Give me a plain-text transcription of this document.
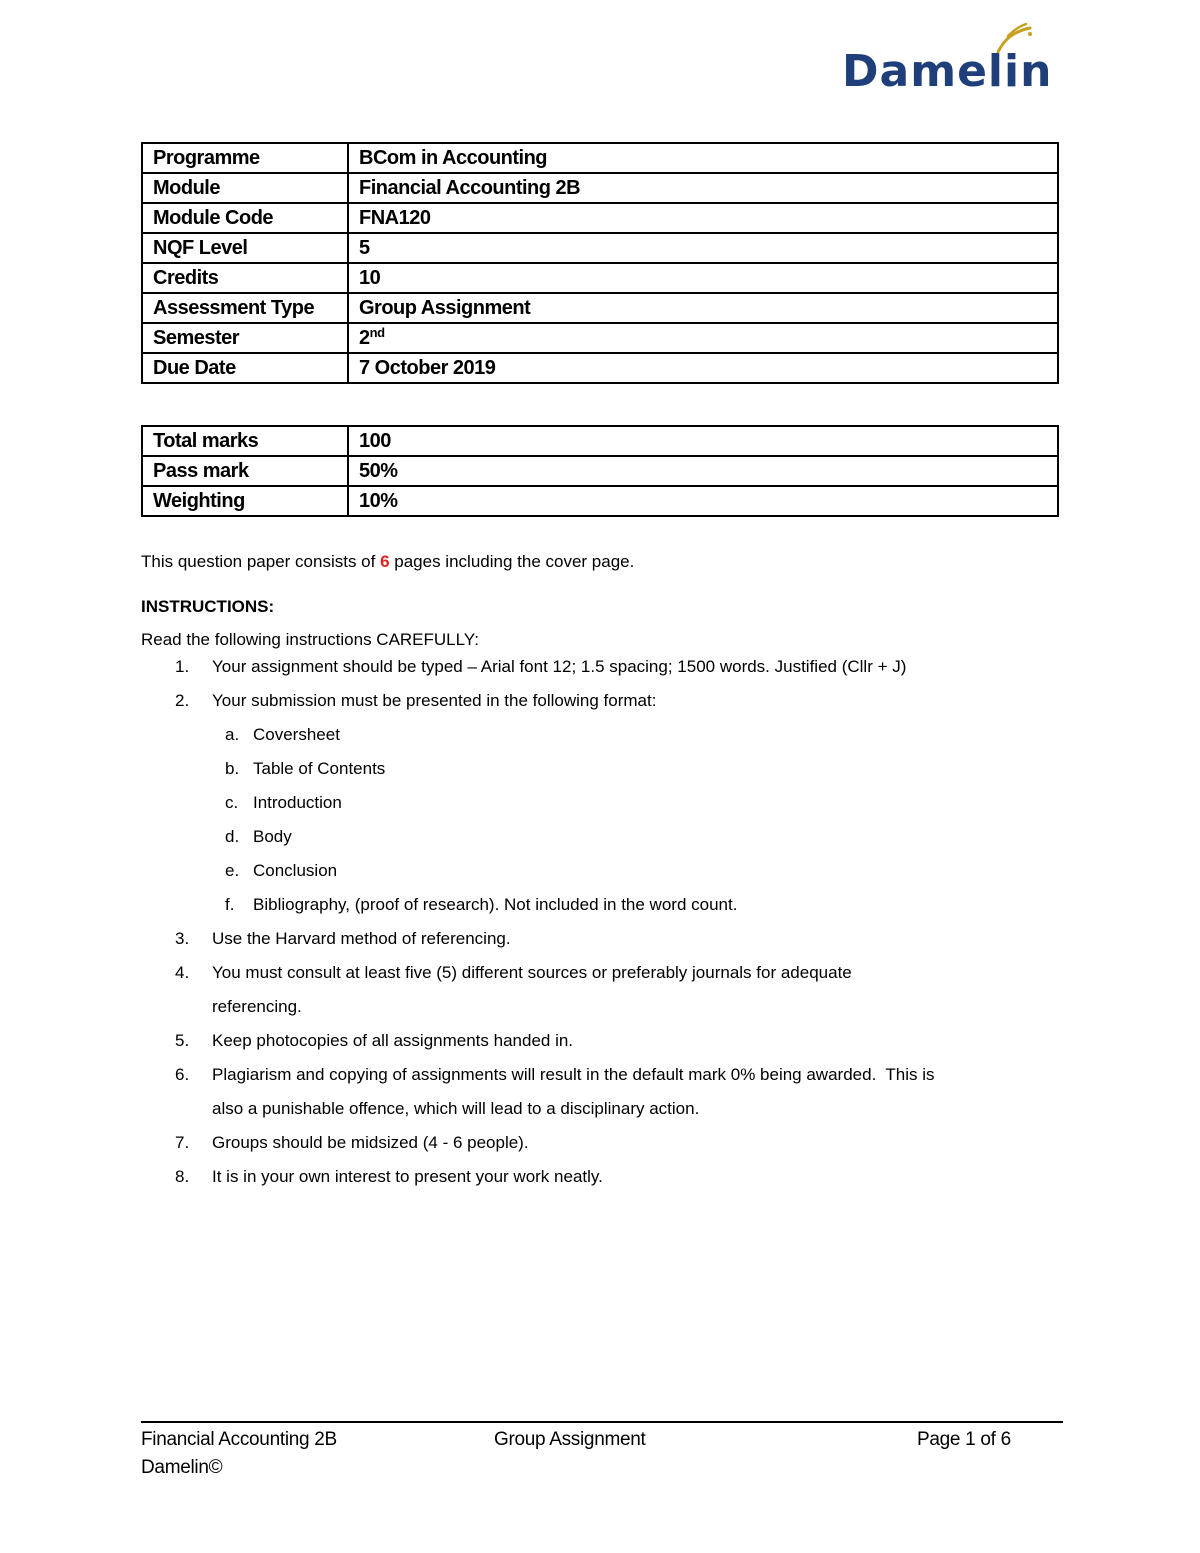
Damelin
Programme	BCom in Accounting
Module	Financial Accounting 2B
Module Code	FNA120
NQF Level	5
Credits	10
Assessment Type	Group Assignment
Semester	2nd
Due Date	7 October 2019
Total marks	100
Pass mark	50%
Weighting	10%
This question paper consists of 6 pages including the cover page.
INSTRUCTIONS:
Read the following instructions CAREFULLY:
1.	Your assignment should be typed – Arial font 12; 1.5 spacing; 1500 words. Justified (Cllr + J)
2.	Your submission must be presented in the following format:
a. Coversheet
b. Table of Contents
c. Introduction
d. Body
e. Conclusion
f.	Bibliography, (proof of research). Not included in the word count.
3.	Use the Harvard method of referencing.
4.	You must consult at least five (5) different sources or preferably journals for adequate
referencing.
5.	Keep photocopies of all assignments handed in.
6.	Plagiarism and copying of assignments will result in the default mark 0% being awarded.  This is
also a punishable offence, which will lead to a disciplinary action.
7.	Groups should be midsized (4 - 6 people).
8.	It is in your own interest to present your work neatly.
Financial Accounting 2B	Group Assignment	Page 1 of 6
Damelin©
